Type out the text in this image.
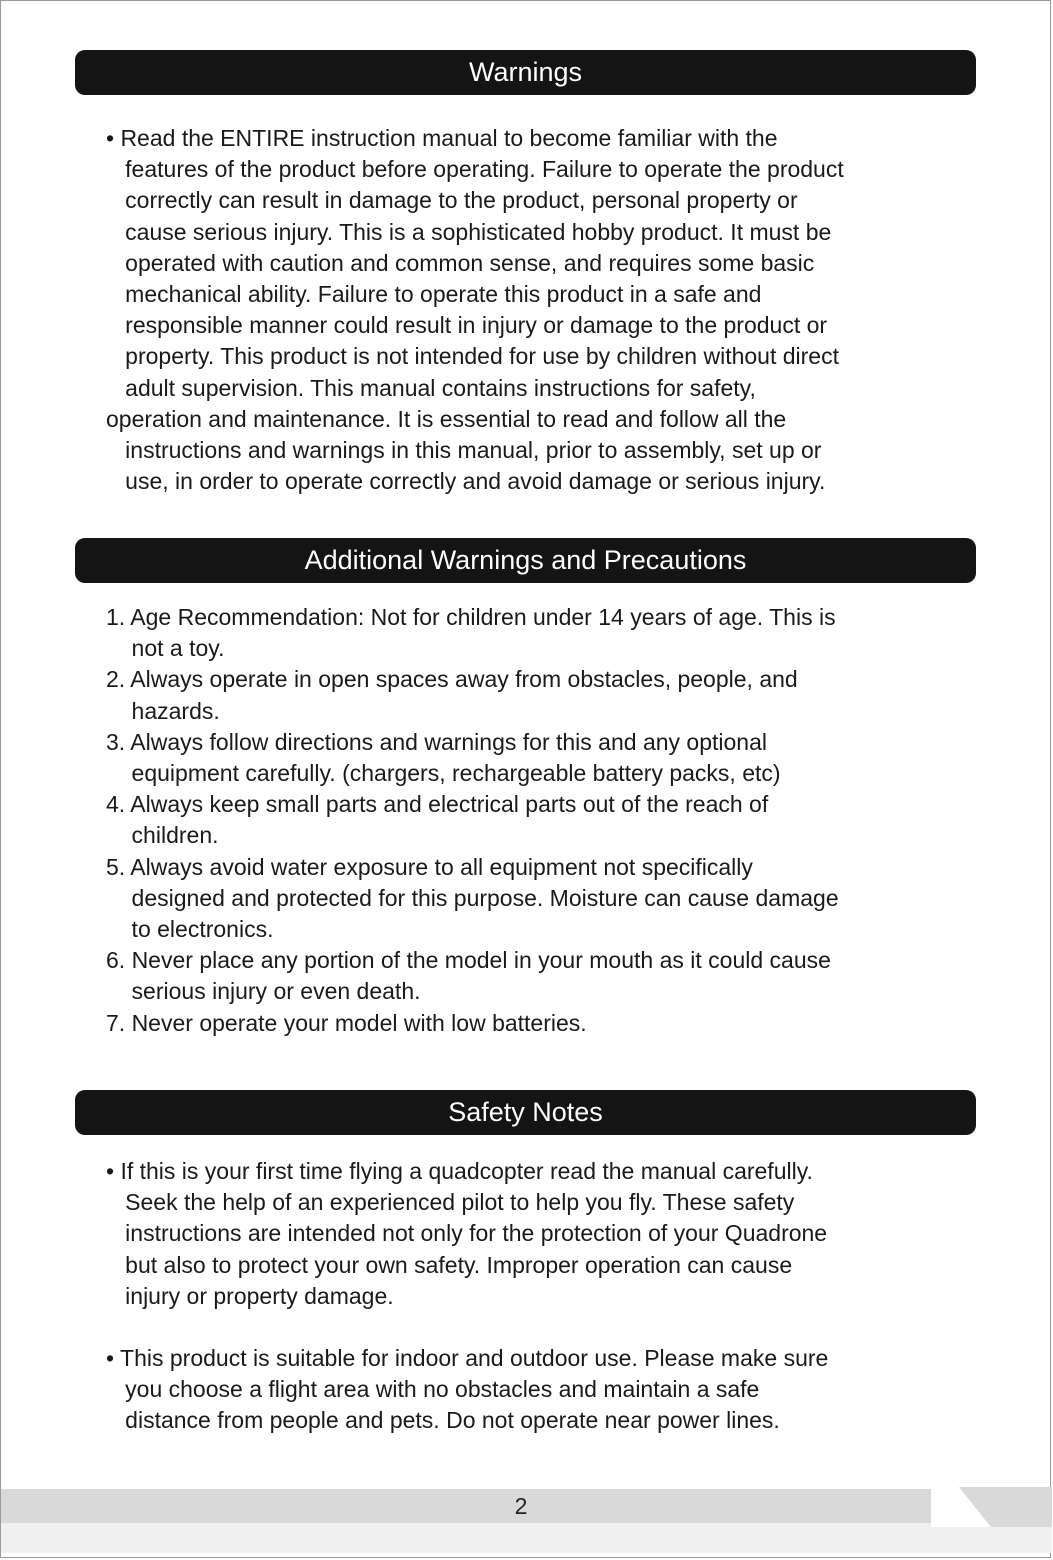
Warnings
• Read the ENTIRE instruction manual to become familiar with the
features of the product before operating. Failure to operate the product
correctly can result in damage to the product, personal property or
cause serious injury. This is a sophisticated hobby product. It must be
operated with caution and common sense, and requires some basic
mechanical ability. Failure to operate this product in a safe and
responsible manner could result in injury or damage to the product or
property. This product is not intended for use by children without direct
adult supervision. This manual contains instructions for safety,
operation and maintenance. It is essential to read and follow all the
instructions and warnings in this manual, prior to assembly, set up or
use, in order to operate correctly and avoid damage or serious injury.
Additional Warnings and Precautions
1. Age Recommendation: Not for children under 14 years of age. This is
not a toy.
2. Always operate in open spaces away from obstacles, people, and
hazards.
3. Always follow directions and warnings for this and any optional
equipment carefully. (chargers, rechargeable battery packs, etc)
4. Always keep small parts and electrical parts out of the reach of
children.
5. Always avoid water exposure to all equipment not specifically
designed and protected for this purpose. Moisture can cause damage
to electronics.
6. Never place any portion of the model in your mouth as it could cause
serious injury or even death.
7. Never operate your model with low batteries.
Safety Notes
• If this is your first time flying a quadcopter read the manual carefully.
Seek the help of an experienced pilot to help you fly. These safety
instructions are intended not only for the protection of your Quadrone
but also to protect your own safety. Improper operation can cause
injury or property damage.
• This product is suitable for indoor and outdoor use. Please make sure
you choose a flight area with no obstacles and maintain a safe
distance from people and pets. Do not operate near power lines.
2
